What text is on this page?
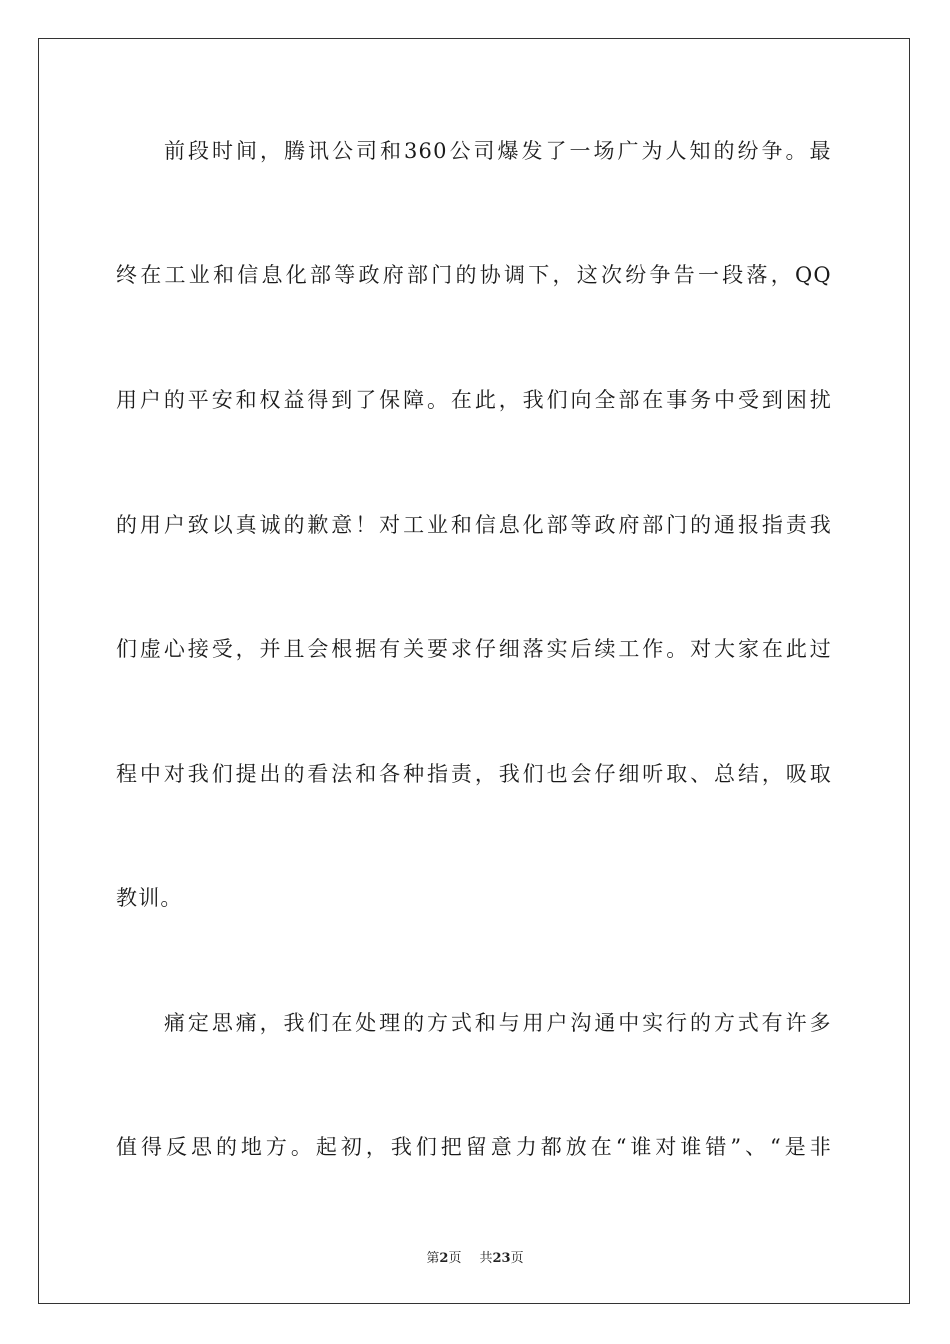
前 段 时 间 ， 腾 讯 公 司 和 360 公 司 爆 发 了 一 场 广 为 人 知 的 纷 争 。 最
终 在 工 业 和 信 息 化 部 等 政 府 部 门 的 协 调 下 ， 这 次 纷 争 告 一 段 落 ， QQ
用 户 的 平 安 和 权 益 得 到 了 保 障 。 在 此 ， 我 们 向 全 部 在 事 务 中 受 到 困 扰
的 用 户 致 以 真 诚 的 歉 意 ！ 对 工 业 和 信 息 化 部 等 政 府 部 门 的 通 报 指 责 我
们 虚 心 接 受 ， 并 且 会 根 据 有 关 要 求 仔 细 落 实 后 续 工 作 。 对 大 家 在 此 过
程 中 对 我 们 提 出 的 看 法 和 各 种 指 责 ， 我 们 也 会 仔 细 听 取 、 总 结 ， 吸 取
教训。
痛 定 思 痛 ， 我 们 在 处 理 的 方 式 和 与 用 户 沟 通 中 实 行 的 方 式 有 许 多
值 得 反 思 的 地 方 。 起 初 ， 我 们 把 留 意 力 都 放 在 “ 谁 对 谁 错 ” 、 “ 是 非
第2页 共23页
